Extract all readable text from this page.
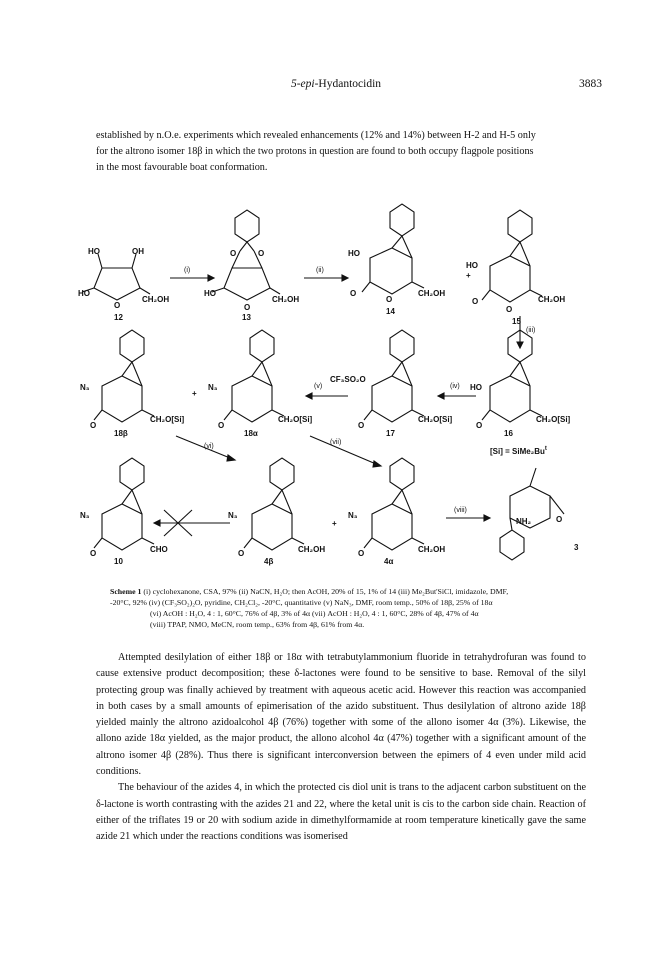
5-epi-Hydantocidin	3883

established by n.O.e. experiments which revealed enhancements (12% and 14%) between H-2 and H-5 only

for the altrono isomer 18β in which the two protons in question are found to both occupy flagpole positions

in the most favourable boat conformation.

HO	OH
HO
O
CH₂OH
12
(i)
HO
O	O
O
CH₂OH
13
(ii)
HO
O
O
CH₂OH
14
+
HO
O
O
CH₂OH
15
(iii)
N₃
O
CH₂O[Si]
18β
+
N₃
O
CH₂O[Si]
18α
(v)
CF₃SO₂O
O
CH₂O[Si]
17
(iv) HO
O
CH₂O[Si]
16
$[Si] = SiMe_2Bu^t$
(vi)
(vii)
N₃
O	CHO
10
N₃
O	CH₂OH
4β
+
N₃
O	CH₂OH
4α
(viii)
NH₂	O
3

Scheme 1 (i) cyclohexanone, CSA, 97% (ii) NaCN, H₂O; then AcOH, 20% of 15, 1% of 14 (iii) Me₂But'SiCl, imidazole, DMF,

-20°C, 92% (iv) (CF₃SO₂)₂O, pyridine, CH₂Cl₂, -20°C, quantitative (v) NaN₃, DMF, room temp., 50% of 18β, 25% of 18α

(vi) AcOH : H₂O, 4 : 1, 60°C, 76% of 4β, 3% of 4α (vii) AcOH : H₂O, 4 : 1, 60°C, 28% of 4β, 47% of 4α

(viii) TPAP, NMO, MeCN, room temp., 63% from 4β, 61% from 4α.

Attempted desilylation of either 18β or 18α with tetrabutylammonium fluoride in tetrahydrofuran was found to cause extensive product decomposition; these δ-lactones were found to be sensitive to base. Removal of the silyl protecting group was finally achieved by treatment with aqueous acetic acid. However this reaction was accompanied in both cases by a small amounts of epimerisation of the azido substituent. Thus desilylation of altrono azide 18β yielded mainly the altrono azidoalcohol 4β (76%) together with some of the allono isomer 4α (3%). Likewise, the allono azide 18α yielded, as the major product, the allono alcohol 4α (47%) together with a significant amount of the altrono isomer 4β (28%). Thus there is significant interconversion between the epimers of 4 even under mild acid conditions.

The behaviour of the azides 4, in which the protected cis diol unit is trans to the adjacent carbon substituent on the δ-lactone is worth contrasting with the azides 21 and 22, where the ketal unit is cis to the carbon side chain. Reaction of either of the triflates 19 or 20 with sodium azide in dimethylformamide at room temperature kinetically gave the same azide 21 which under the reactions conditions was isomerised
